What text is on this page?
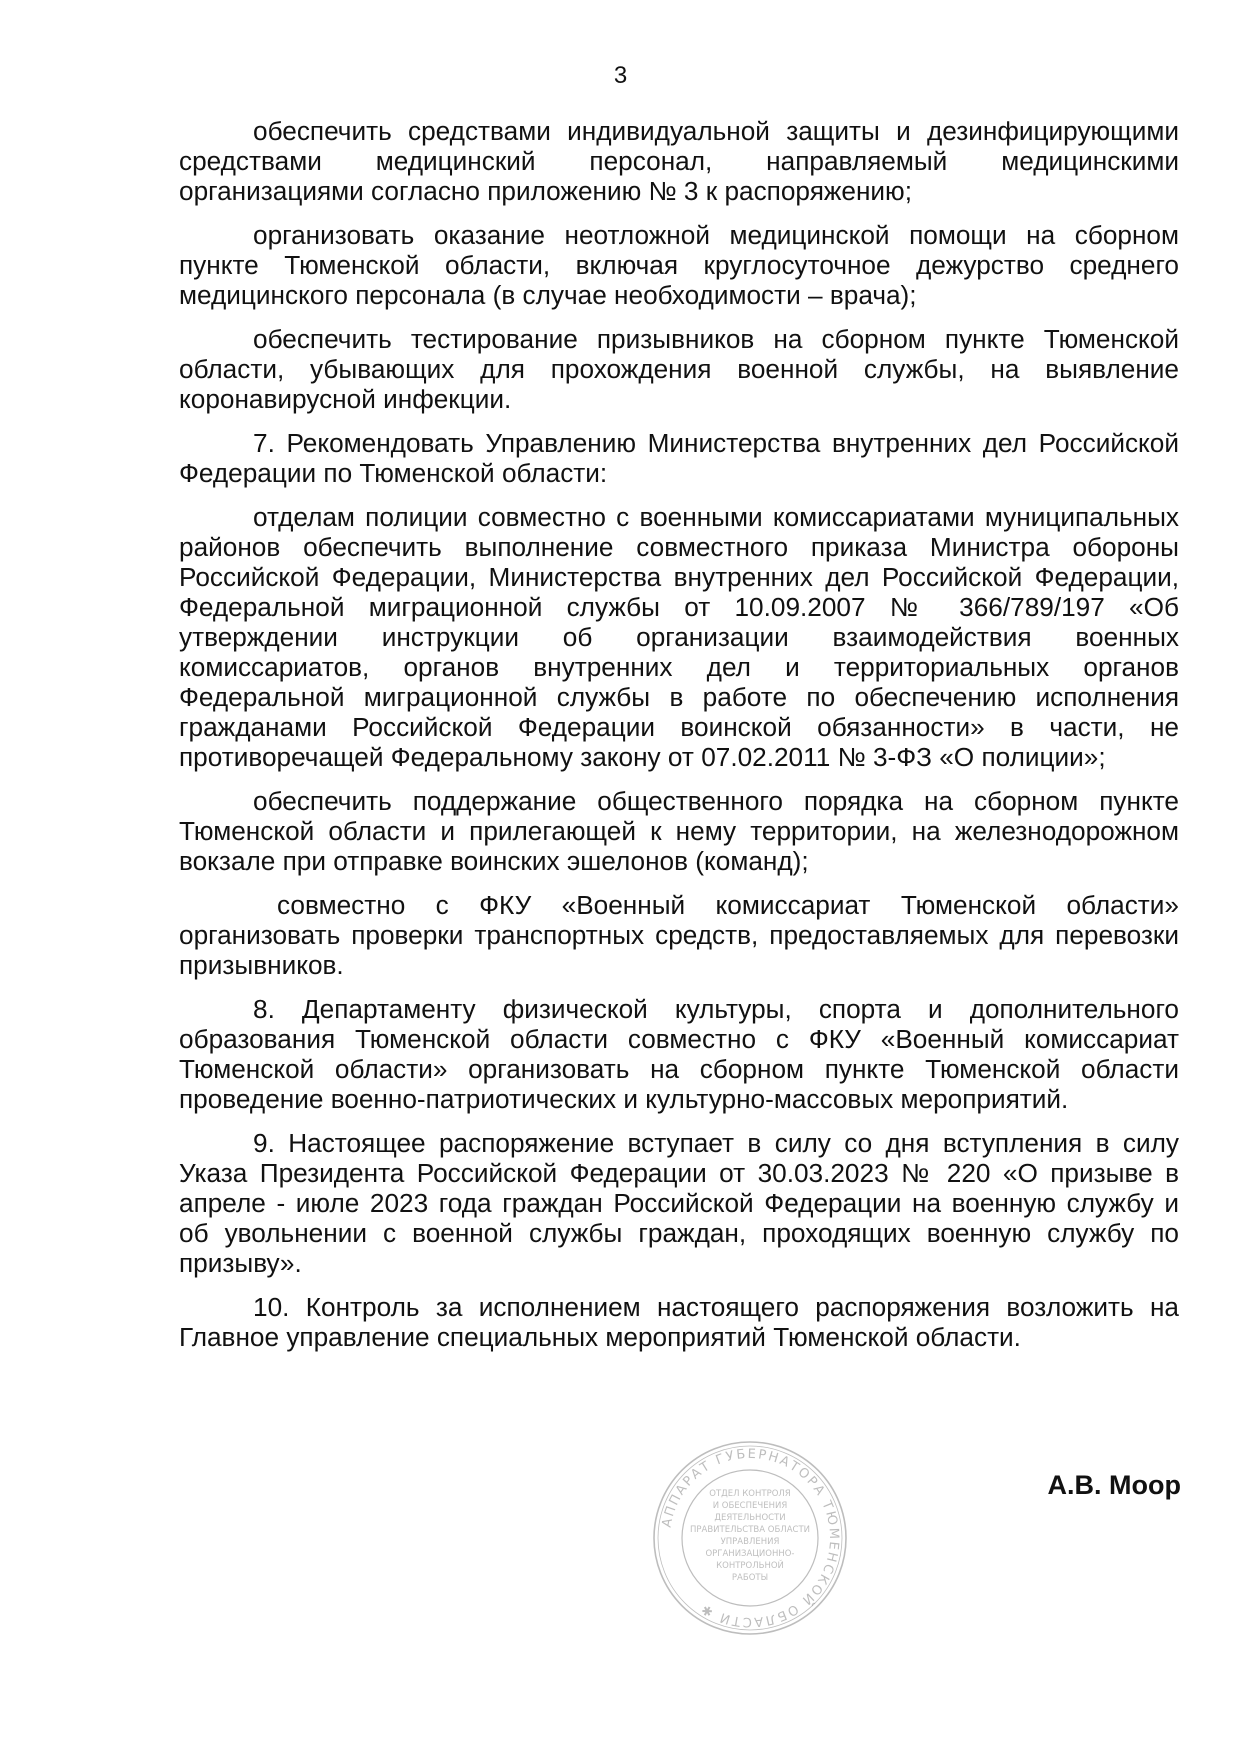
3

обеспечить средствами индивидуальной защиты и дезинфицирующими средствами медицинский персонал, направляемый медицинскими организациями согласно приложению № 3 к распоряжению;

организовать оказание неотложной медицинской помощи на сборном пункте Тюменской области, включая круглосуточное дежурство среднего медицинского персонала (в случае необходимости – врача);

обеспечить тестирование призывников на сборном пункте Тюменской области, убывающих для прохождения военной службы, на выявление коронавирусной инфекции.

7. Рекомендовать Управлению Министерства внутренних дел Российской Федерации по Тюменской области:

отделам полиции совместно с военными комиссариатами муниципальных районов обеспечить выполнение совместного приказа Министра обороны Российской Федерации, Министерства внутренних дел Российской Федерации, Федеральной миграционной службы от 10.09.2007 № 366/789/197 «Об утверждении инструкции об организации взаимодействия военных комиссариатов, органов внутренних дел и территориальных органов Федеральной миграционной службы в работе по обеспечению исполнения гражданами Российской Федерации воинской обязанности» в части, не противоречащей Федеральному закону от 07.02.2011 № 3-ФЗ «О полиции»;

обеспечить поддержание общественного порядка на сборном пункте Тюменской области и прилегающей к нему территории, на железнодорожном вокзале при отправке воинских эшелонов (команд);

совместно с ФКУ «Военный комиссариат Тюменской области» организовать проверки транспортных средств, предоставляемых для перевозки призывников.

8. Департаменту физической культуры, спорта и дополнительного образования Тюменской области совместно с ФКУ «Военный комиссариат Тюменской области» организовать на сборном пункте Тюменской области проведение военно-патриотических и культурно-массовых мероприятий.

9. Настоящее распоряжение вступает в силу со дня вступления в силу Указа Президента Российской Федерации от 30.03.2023 № 220 «О призыве в апреле - июле 2023 года граждан Российской Федерации на военную службу и об увольнении с военной службы граждан, проходящих военную службу по призыву».

10. Контроль за исполнением настоящего распоряжения возложить на Главное управление специальных мероприятий Тюменской области.

АППАРАТ ГУБЕРНАТОРА ТЮМЕНСКОЙ ОБЛАСТИ ✱
ОТДЕЛ КОНТРОЛЯ
И ОБЕСПЕЧЕНИЯ
ДЕЯТЕЛЬНОСТИ
ПРАВИТЕЛЬСТВА ОБЛАСТИ
УПРАВЛЕНИЯ
ОРГАНИЗАЦИОННО-
КОНТРОЛЬНОЙ
РАБОТЫ
А.В. Моор
